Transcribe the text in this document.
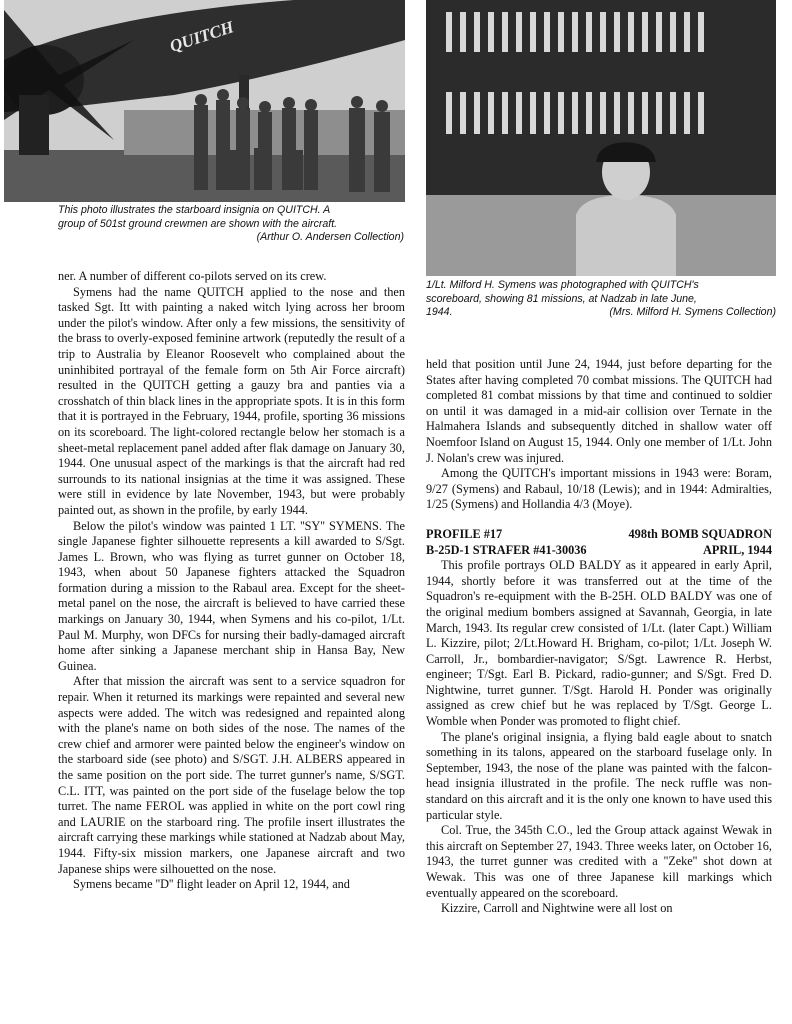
QUITCH
This photo illustrates the starboard insignia on QUITCH. A
group of 501st ground crewmen are shown with the aircraft.
(Arthur O. Andersen Collection)
1/Lt. Milford H. Symens was photographed with QUITCH's
scoreboard, showing 81 missions, at Nadzab in late June,
1944.	(Mrs. Milford H. Symens Collection)

ner. A number of different co-pilots served on its crew.

Symens had the name QUITCH applied to the nose and then tasked Sgt. Itt with painting a naked witch lying across her broom under the pilot's window. After only a few missions, the sensitivity of the brass to overly-exposed feminine artwork (reputedly the result of a trip to Australia by Eleanor Roosevelt who complained about the uninhibited portrayal of the female form on 5th Air Force aircraft) resulted in the QUITCH getting a gauzy bra and panties via a crosshatch of thin black lines in the appropriate spots. It is in this form that it is portrayed in the February, 1944, profile, sporting 36 missions on its scoreboard. The light-colored rectangle below her stomach is a sheet-metal replacement panel added after flak damage on January 30, 1944. One unusual aspect of the markings is that the aircraft had red surrounds to its national insignias at the time it was assigned. These were still in evidence by late November, 1943, but were probably painted out, as shown in the profile, by early 1944.

Below the pilot's window was painted 1 LT. ''SY'' SYMENS. The single Japanese fighter silhouette represents a kill awarded to S/Sgt. James L. Brown, who was flying as turret gunner on October 18, 1943, when about 50 Japanese fighters attacked the Squadron formation during a mission to the Rabaul area. Except for the sheet-metal panel on the nose, the aircraft is believed to have carried these markings on January 30, 1944, when Symens and his co-pilot, 1/Lt. Paul M. Murphy, won DFCs for nursing their badly-damaged aircraft home after sinking a Japanese merchant ship in Hansa Bay, New Guinea.

After that mission the aircraft was sent to a service squadron for repair. When it returned its markings were repainted and several new aspects were added. The witch was redesigned and repainted along with the plane's name on both sides of the nose. The names of the crew chief and armorer were painted below the engineer's window on the starboard side (see photo) and S/SGT. J.H. ALBERS appeared in the same position on the port side. The turret gunner's name, S/SGT. C.L. ITT, was painted on the port side of the fuselage below the top turret. The name FEROL was applied in white on the port cowl ring and LAURIE on the starboard ring. The profile insert illustrates the aircraft carrying these markings while stationed at Nadzab about May, 1944. Fifty-six mission markers, one Japanese aircraft and two Japanese ships were silhouetted on the nose.

Symens became ''D'' flight leader on April 12, 1944, and

held that position until June 24, 1944, just before departing for the States after having completed 70 combat missions. The QUITCH had completed 81 combat missions by that time and continued to soldier on until it was damaged in a mid-air collision over Ternate in the Halmahera Islands and subsequently ditched in shallow water off Noemfoor Island on August 15, 1944. Only one member of 1/Lt. John J. Nolan's crew was injured.

Among the QUITCH's important missions in 1943 were: Boram, 9/27 (Symens) and Rabaul, 10/18 (Lewis); and in 1944: Admiralties, 1/25 (Symens) and Hollandia 4/3 (Moye).

PROFILE #17	498th BOMB SQUADRON
B-25D-1 STRAFER #41-30036	APRIL, 1944

This profile portrays OLD BALDY as it appeared in early April, 1944, shortly before it was transferred out at the time of the Squadron's re-equipment with the B-25H. OLD BALDY was one of the original medium bombers assigned at Savannah, Georgia, in late March, 1943. Its regular crew consisted of 1/Lt. (later Capt.) William L. Kizzire, pilot; 2/Lt.Howard H. Brigham, co-pilot; 1/Lt. Joseph W. Carroll, Jr., bombardier-navigator; S/Sgt. Lawrence R. Herbst, engineer; T/Sgt. Earl B. Pickard, radio-gunner; and S/Sgt. Fred D. Nightwine, turret gunner. T/Sgt. Harold H. Ponder was originally assigned as crew chief but he was replaced by T/Sgt. George L. Womble when Ponder was promoted to flight chief.

The plane's original insignia, a flying bald eagle about to snatch something in its talons, appeared on the starboard fuselage only. In September, 1943, the nose of the plane was painted with the falcon-head insignia illustrated in the profile. The neck ruffle was non-standard on this aircraft and it is the only one known to have used this particular style.

Col. True, the 345th C.O., led the Group attack against Wewak in this aircraft on September 27, 1943. Three weeks later, on October 16, 1943, the turret gunner was credited with a ''Zeke'' shot down at Wewak. This was one of three Japanese kill markings which eventually appeared on the scoreboard.

Kizzire, Carroll and Nightwine were all lost on
